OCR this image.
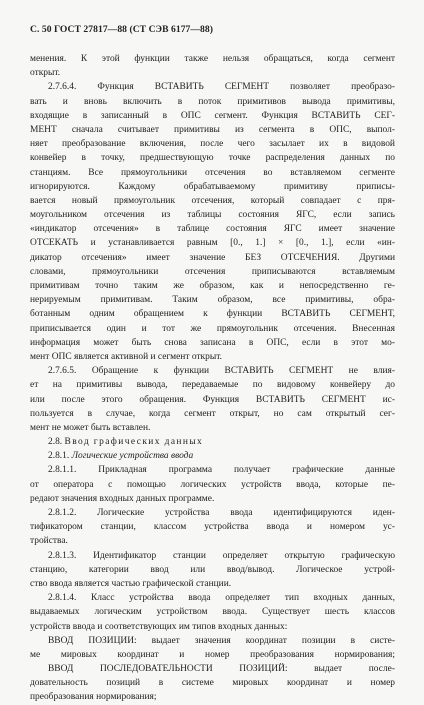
С. 50 ГОСТ 27817—88 (СТ СЭВ 6177—88)
менения. К этой функции также нельзя обращаться, когда сегмент
открыт.
2.7.6.4. Функция ВСТАВИТЬ СЕГМЕНТ позволяет преобразо-
вать и вновь включить в поток примитивов вывода примитивы,
входящие в записанный в ОПС сегмент. Функция ВСТАВИТЬ СЕГ-
МЕНТ сначала считывает примитивы из сегмента в ОПС, выпол-
няет преобразование включения, после чего засылает их в видовой
конвейер в точку, предшествующую точке распределения данных по
станциям. Все прямоугольники отсечения во вставляемом сегменте
игнорируются. Каждому обрабатываемому примитиву приписы-
вается новый прямоугольник отсечения, который совпадает с пря-
моугольником отсечения из таблицы состояния ЯГС, если запись
«индикатор отсечения» в таблице состояния ЯГС имеет значение
ОТСЕКАТЬ и устанавливается равным [0., 1.] × [0., 1.], если «ин-
дикатор отсечения» имеет значение БЕЗ ОТСЕЧЕНИЯ. Другими
словами, прямоугольники отсечения приписываются вставляемым
примитивам точно таким же образом, как и непосредственно ге-
нерируемым примитивам. Таким образом, все примитивы, обра-
ботанным одним обращением к функции ВСТАВИТЬ СЕГМЕНТ,
приписывается один и тот же прямоугольник отсечения. Внесенная
информация может быть снова записана в ОПС, если в этот мо-
мент ОПС является активной и сегмент открыт.
2.7.6.5. Обращение к функции ВСТАВИТЬ СЕГМЕНТ не влия-
ет на примитивы вывода, передаваемые по видовому конвейеру до
или после этого обращения. Функция ВСТАВИТЬ СЕГМЕНТ ис-
пользуется в случае, когда сегмент открыт, но сам открытый сег-
мент не может быть вставлен.
2.8. Ввод графических данных
2.8.1. Логические устройства ввода
2.8.1.1. Прикладная программа получает графические данные
от оператора с помощью логических устройств ввода, которые пе-
редают значения входных данных программе.
2.8.1.2. Логические устройства ввода идентифицируются иден-
тификатором станции, классом устройства ввода и номером ус-
тройства.
2.8.1.3. Идентификатор станции определяет открытую графическую
станцию, категории ввод или ввод/вывод. Логическое устрой-
ство ввода является частью графической станции.
2.8.1.4. Класс устройства ввода определяет тип входных данных,
выдаваемых логическим устройством ввода. Существует шесть классов
устройств ввода и соответствующих им типов входных данных:
ВВОД ПОЗИЦИИ: выдает значения координат позиции в систе-
ме мировых координат и номер преобразования нормирования;
ВВОД ПОСЛЕДОВАТЕЛЬНОСТИ ПОЗИЦИЙ: выдает после-
довательность позиций в системе мировых координат и номер
преобразования нормирования;
